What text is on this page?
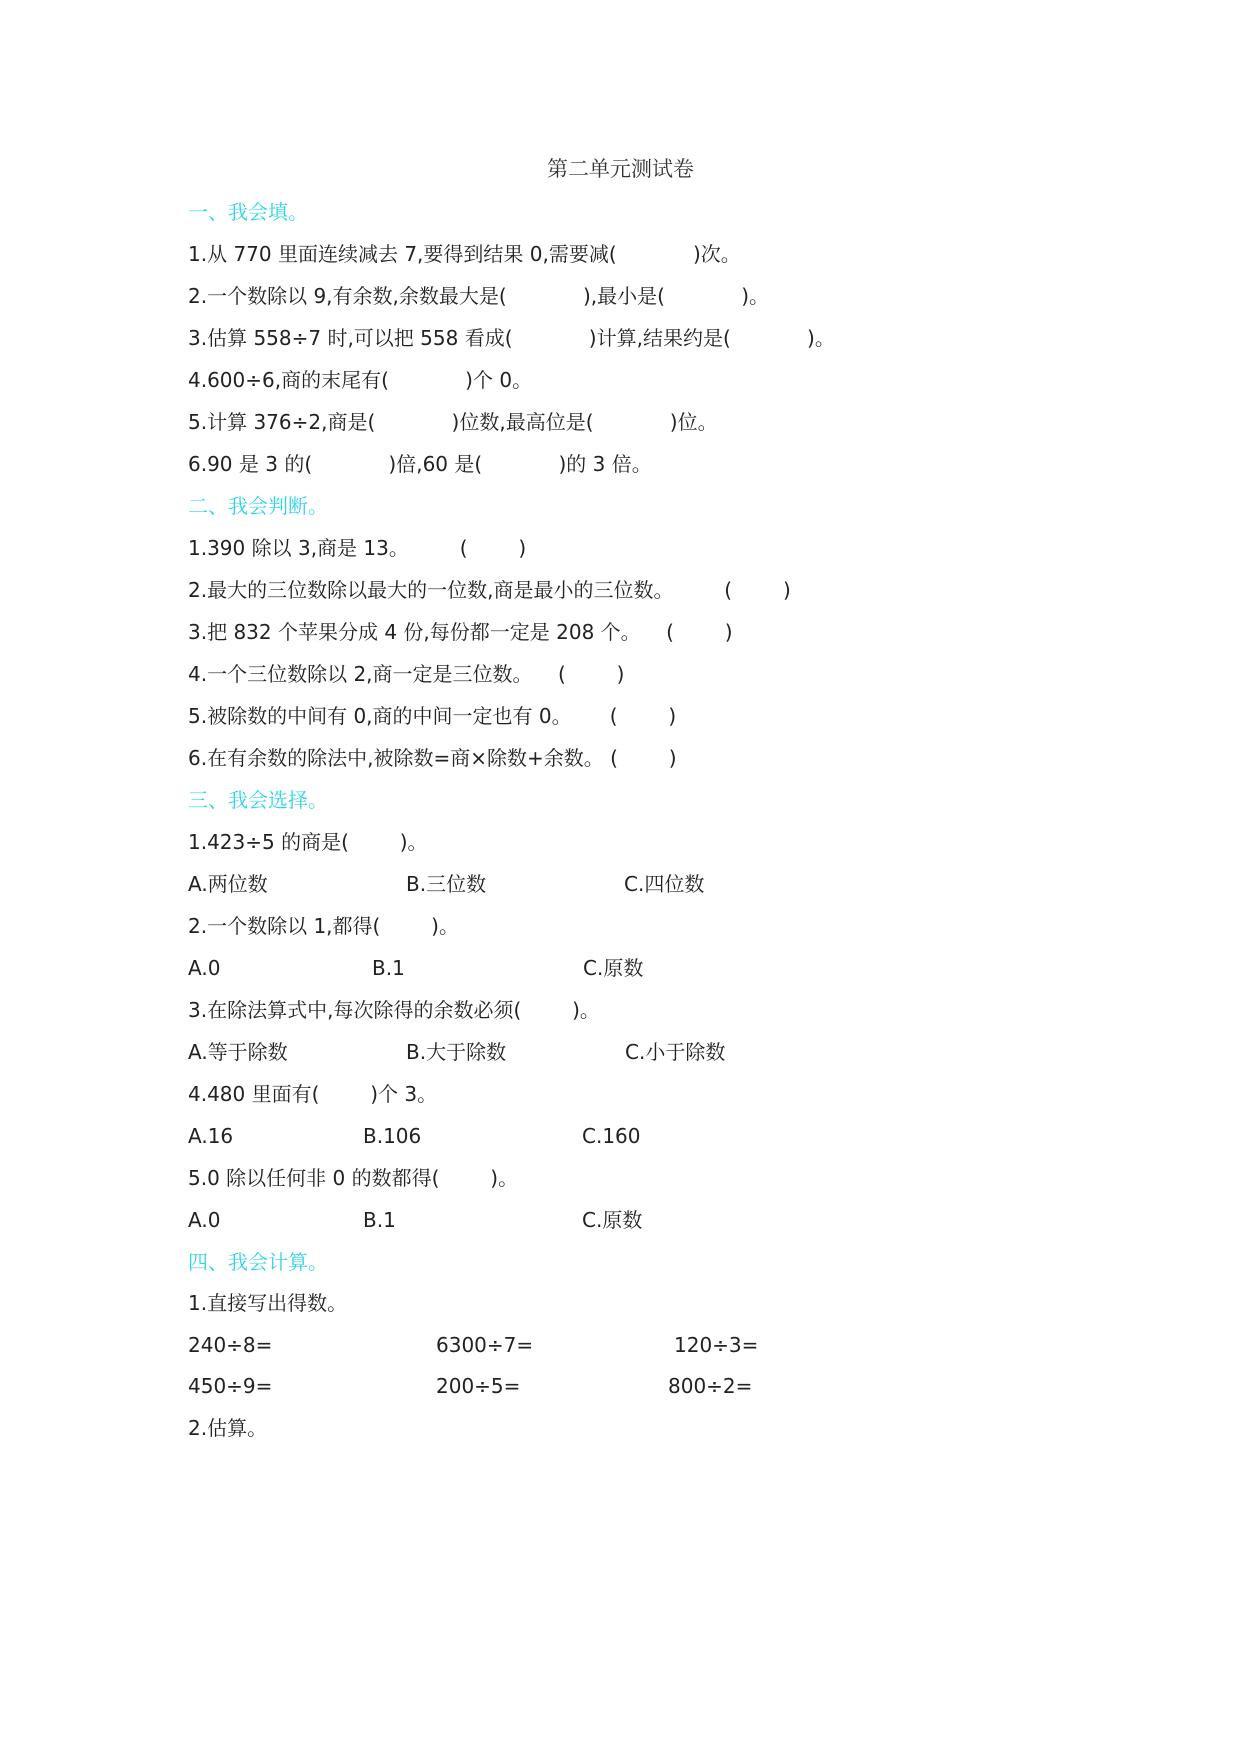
第二单元测试卷
一、我会填。
1.从 770 里面连续减去 7,要得到结果 0,需要减(            )次。
2.一个数除以 9,有余数,余数最大是(            ),最小是(            )。
3.估算 558÷7 时,可以把 558 看成(            )计算,结果约是(            )。
4.600÷6,商的末尾有(            )个 0。
5.计算 376÷2,商是(            )位数,最高位是(            )位。
6.90 是 3 的(            )倍,60 是(            )的 3 倍。
二、我会判断。
1.390 除以 3,商是 13。        (        )
2.最大的三位数除以最大的一位数,商是最小的三位数。        (        )
3.把 832 个苹果分成 4 份,每份都一定是 208 个。    (        )
4.一个三位数除以 2,商一定是三位数。    (        )
5.被除数的中间有 0,商的中间一定也有 0。      (        )
6.在有余数的除法中,被除数=商×除数+余数。 (        )
三、我会选择。
1.423÷5 的商是(        )。
A.两位数	B.三位数	C.四位数
2.一个数除以 1,都得(        )。
A.0	B.1	C.原数
3.在除法算式中,每次除得的余数必须(        )。
A.等于除数	B.大于除数	C.小于除数
4.480 里面有(        )个 3。
A.16	B.106	C.160
5.0 除以任何非 0 的数都得(        )。
A.0	B.1	C.原数
四、我会计算。
1.直接写出得数。
240÷8=	6300÷7=	120÷3=
450÷9=	200÷5=	800÷2=
2.估算。
